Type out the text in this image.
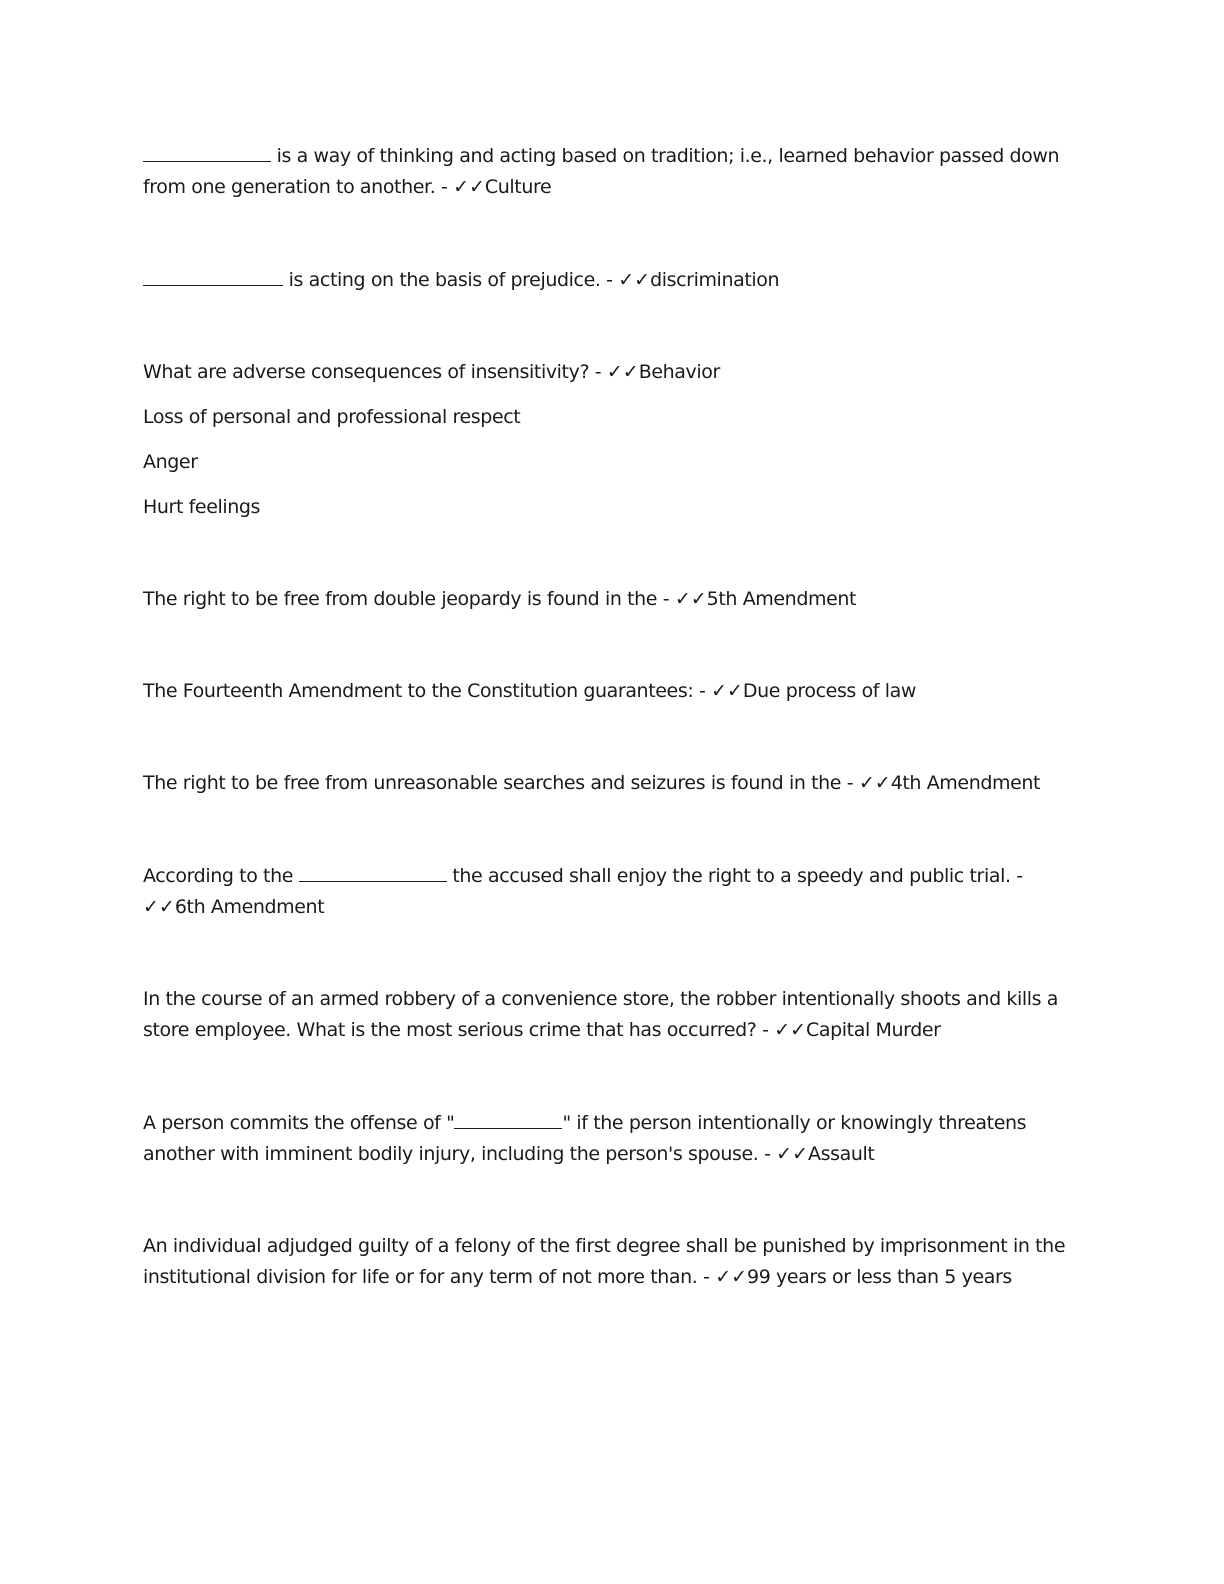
is a way of thinking and acting based on tradition; i.e., learned behavior passed down from one generation to another. - ✓✓Culture

is acting on the basis of prejudice. - ✓✓discrimination

What are adverse consequences of insensitivity? - ✓✓Behavior

Loss of personal and professional respect

Anger

Hurt feelings

The right to be free from double jeopardy is found in the - ✓✓5th Amendment

The Fourteenth Amendment to the Constitution guarantees: - ✓✓Due process of law

The right to be free from unreasonable searches and seizures is found in the - ✓✓4th Amendment

According to the	the accused shall enjoy the right to a speedy and public trial. - ✓✓6th Amendment

In the course of an armed robbery of a convenience store, the robber intentionally shoots and kills a store employee. What is the most serious crime that has occurred? - ✓✓Capital Murder

A person commits the offense of "	" if the person intentionally or knowingly threatens another with imminent bodily injury, including the person's spouse. - ✓✓Assault

An individual adjudged guilty of a felony of the first degree shall be punished by imprisonment in the institutional division for life or for any term of not more than. - ✓✓99 years or less than 5 years
